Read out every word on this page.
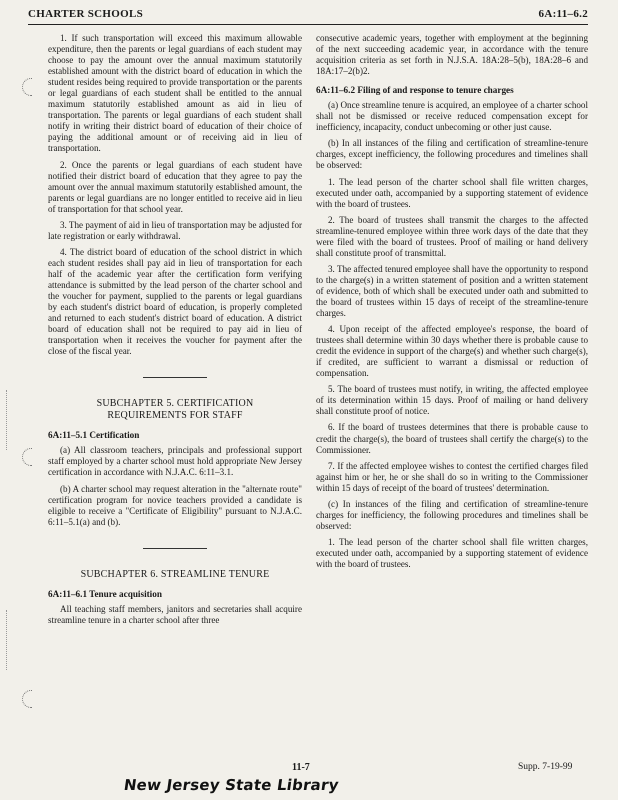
CHARTER SCHOOLS	6A:11–6.2

1. If such transportation will exceed this maximum allowable expenditure, then the parents or legal guardians of each student may choose to pay the amount over the annual maximum statutorily established amount with the district board of education in which the student resides being required to provide transportation or the parents or legal guardians of each student shall be entitled to the annual maximum statutorily established amount as aid in lieu of transportation. The parents or legal guardians of each student shall notify in writing their district board of education of their choice of paying the additional amount or of receiving aid in lieu of transportation.

2. Once the parents or legal guardians of each student have notified their district board of education that they agree to pay the amount over the annual maximum statutorily established amount, the parents or legal guardians are no longer entitled to receive aid in lieu of transportation for that school year.

3. The payment of aid in lieu of transportation may be adjusted for late registration or early withdrawal.

4. The district board of education of the school district in which each student resides shall pay aid in lieu of transportation for each half of the academic year after the certification form verifying attendance is submitted by the lead person of the charter school and the voucher for payment, supplied to the parents or legal guardians by each student's district board of education, is properly completed and returned to each student's district board of education. A district board of education shall not be required to pay aid in lieu of transportation when it receives the voucher for payment after the close of the fiscal year.

SUBCHAPTER 5. CERTIFICATION
REQUIREMENTS FOR STAFF
6A:11–5.1 Certification

(a) All classroom teachers, principals and professional support staff employed by a charter school must hold appropriate New Jersey certification in accordance with N.J.A.C. 6:11–3.1.

(b) A charter school may request alteration in the "alternate route" certification program for novice teachers provided a candidate is eligible to receive a "Certificate of Eligibility" pursuant to N.J.A.C. 6:11–5.1(a) and (b).

SUBCHAPTER 6. STREAMLINE TENURE
6A:11–6.1 Tenure acquisition

All teaching staff members, janitors and secretaries shall acquire streamline tenure in a charter school after three

consecutive academic years, together with employment at the beginning of the next succeeding academic year, in accordance with the tenure acquisition criteria as set forth in N.J.S.A. 18A:28–5(b), 18A:28–6 and 18A:17–2(b)2.

6A:11–6.2 Filing of and response to tenure charges

(a) Once streamline tenure is acquired, an employee of a charter school shall not be dismissed or receive reduced compensation except for inefficiency, incapacity, conduct unbecoming or other just cause.

(b) In all instances of the filing and certification of streamline-tenure charges, except inefficiency, the following procedures and timelines shall be observed:

1. The lead person of the charter school shall file written charges, executed under oath, accompanied by a supporting statement of evidence with the board of trustees.

2. The board of trustees shall transmit the charges to the affected streamline-tenured employee within three work days of the date that they were filed with the board of trustees. Proof of mailing or hand delivery shall constitute proof of transmittal.

3. The affected tenured employee shall have the opportunity to respond to the charge(s) in a written statement of position and a written statement of evidence, both of which shall be executed under oath and submitted to the board of trustees within 15 days of receipt of the streamline-tenure charges.

4. Upon receipt of the affected employee's response, the board of trustees shall determine within 30 days whether there is probable cause to credit the evidence in support of the charge(s) and whether such charge(s), if credited, are sufficient to warrant a dismissal or reduction of compensation.

5. The board of trustees must notify, in writing, the affected employee of its determination within 15 days. Proof of mailing or hand delivery shall constitute proof of notice.

6. If the board of trustees determines that there is probable cause to credit the charge(s), the board of trustees shall certify the charge(s) to the Commissioner.

7. If the affected employee wishes to contest the certified charges filed against him or her, he or she shall do so in writing to the Commissioner within 15 days of receipt of the board of trustees' determination.

(c) In instances of the filing and certification of streamline-tenure charges for inefficiency, the following procedures and timelines shall be observed:

1. The lead person of the charter school shall file written charges, executed under oath, accompanied by a supporting statement of evidence with the board of trustees.

11-7	Supp. 7-19-99
New Jersey State Library
